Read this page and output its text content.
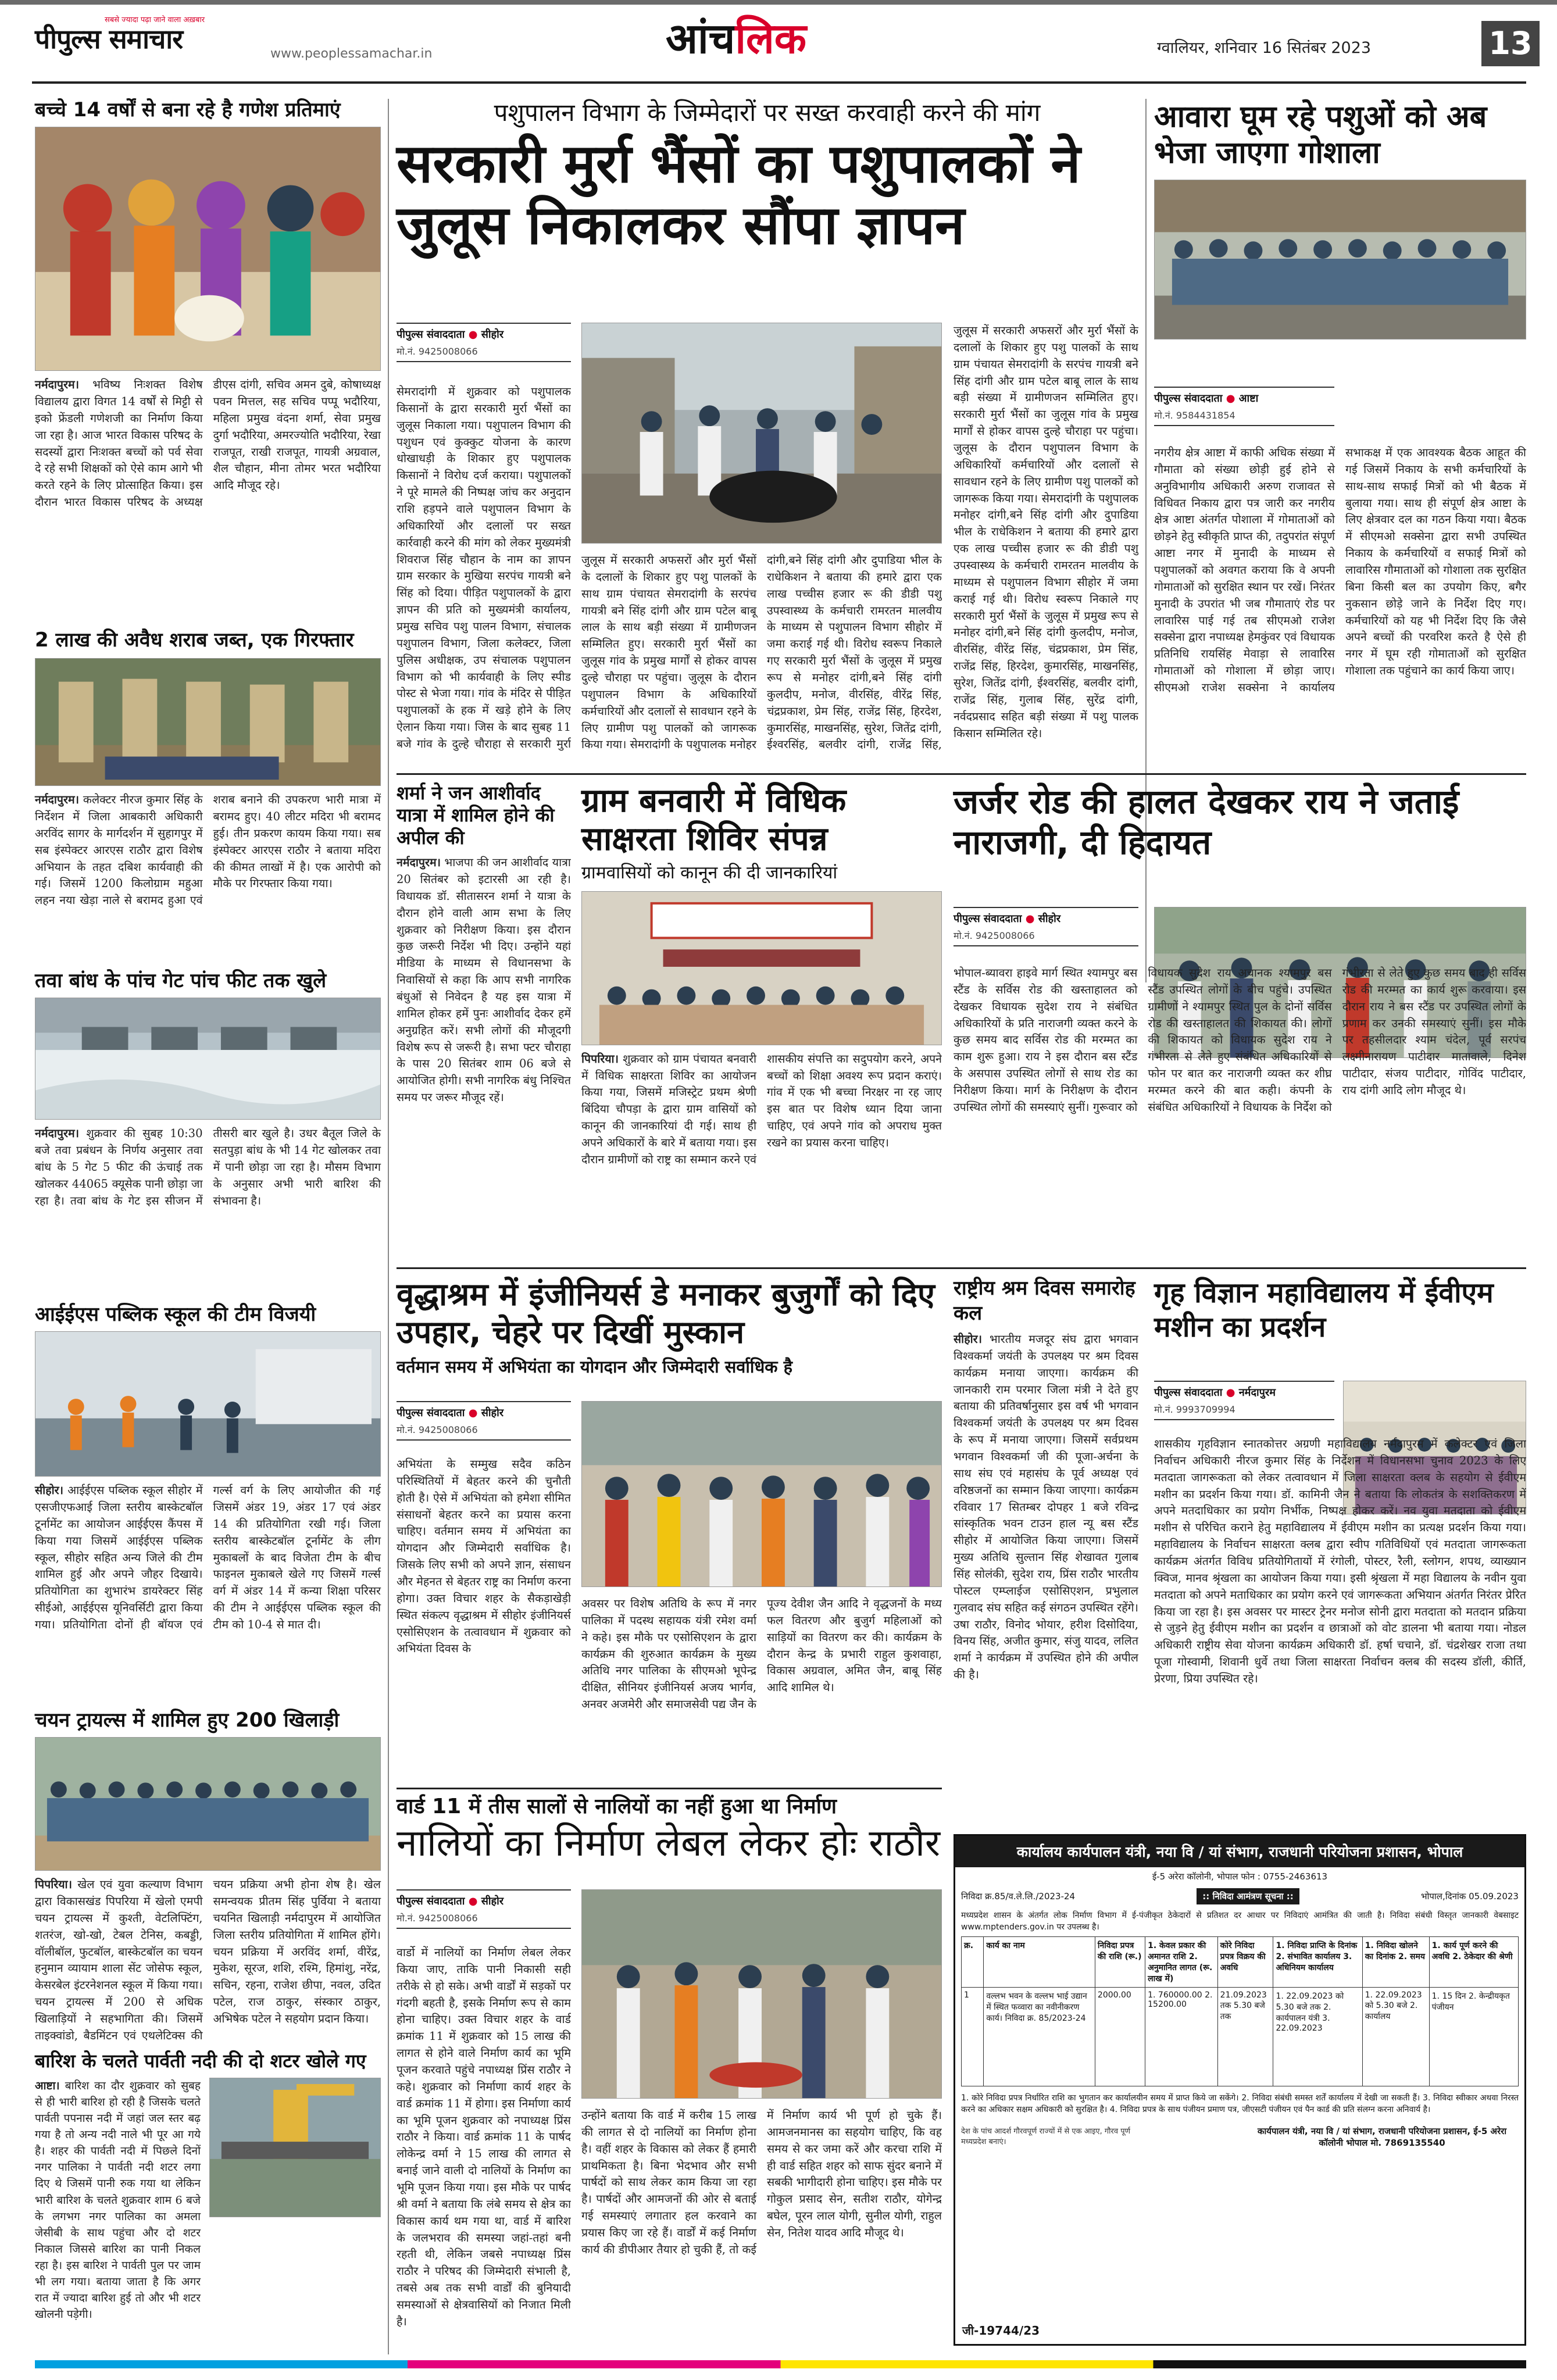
सबसे ज्यादा पढ़ा जाने वाला अख़बार
पीपुल्स समाचार	www.peoplessamachar.in	आंचलिक	ग्वालियर, शनिवार 16 सितंबर 2023	13
बच्चे 14 वर्षों से बना रहे है गणेश प्रतिमाएं
नर्मदापुरम। भविष्य निःशक्त विशेष विद्यालय द्वारा विगत 14 वर्षों से मिट्टी से इको फ्रेंडली गणेशजी का निर्माण किया जा रहा है। आज भारत विकास परिषद के सदस्यों द्वारा निःशक्त बच्चों को पर्व सेवा दे रहे सभी शिक्षकों को ऐसे काम आगे भी करते रहने के लिए प्रोत्साहित किया। इस दौरान भारत विकास परिषद के अध्यक्ष डीएस दांगी, सचिव अमन दुबे, कोषाध्यक्ष पवन मित्तल, सह सचिव पप्पू भदौरिया, महिला प्रमुख वंदना शर्मा, सेवा प्रमुख दुर्गा भदौरिया, अमरज्योति भदौरिया, रेखा राजपूत, राखी राजपूत, गायत्री अग्रवाल, शैल चौहान, मीना तोमर भरत भदौरिया आदि मौजूद रहे।
2 लाख की अवैध शराब जब्त, एक गिरफ्तार
नर्मदापुरम। कलेक्टर नीरज कुमार सिंह के निर्देशन में जिला आबकारी अधिकारी अरविंद सागर के मार्गदर्शन में सुहागपुर में सब इंस्पेक्टर आरएस राठौर द्वारा विशेष अभियान के तहत दबिश कार्यवाही की गई। जिसमें 1200 किलोग्राम महुआ लहन नया खेड़ा नाले से बरामद हुआ एवं शराब बनाने की उपकरण भारी मात्रा में बरामद हुए। 40 लीटर मदिरा भी बरामद हुई। तीन प्रकरण कायम किया गया। सब इंस्पेक्टर आरएस राठौर ने बताया मदिरा की कीमत लाखों में है। एक आरोपी को मौके पर गिरफ्तार किया गया।
तवा बांध के पांच गेट पांच फीट तक खुले
नर्मदापुरम। शुक्रवार की सुबह 10:30 बजे तवा प्रबंधन के निर्णय अनुसार तवा बांध के 5 गेट 5 फीट की ऊंचाई तक खोलकर 44065 क्यूसेक पानी छोड़ा जा रहा है। तवा बांध के गेट इस सीजन में तीसरी बार खुले है। उधर बैतूल जिले के सतपुड़ा बांध के भी 14 गेट खोलकर तवा में पानी छोड़ा जा रहा है। मौसम विभाग के अनुसार अभी भारी बारिश की संभावना है।
आईईएस पब्लिक स्कूल की टीम विजयी
सीहोर। आईईएस पब्लिक स्कूल सीहोर में एसजीएफआई जिला स्तरीय बास्केटबॉल टूर्नामेंट का आयोजन आईईएस कैंपस में किया गया जिसमें आईईएस पब्लिक स्कूल, सीहोर सहित अन्य जिले की टीम शामिल हुई और अपने जौहर दिखाये। प्रतियोगिता का शुभारंभ डायरेक्टर सिंह सीईओ, आईईएस यूनिवर्सिटी द्वारा किया गया। प्रतियोगिता दोनों ही बॉयज एवं गर्ल्स वर्ग के लिए आयोजीत की गई जिसमें अंडर 19, अंडर 17 एवं अंडर 14 की प्रतियोगिता रखी गई। जिला स्तरीय बास्केटबॉल टूर्नामेंट के लीग मुकाबलों के बाद विजेता टीम के बीच फाइनल मुकाबले खेले गए जिसमें गर्ल्स वर्ग में अंडर 14 में कन्या शिक्षा परिसर की टीम ने आईईएस पब्लिक स्कूल की टीम को 10-4 से मात दी।
चयन ट्रायल्स में शामिल हुए 200 खिलाड़ी
पिपरिया। खेल एवं युवा कल्याण विभाग द्वारा विकासखंड पिपरिया में खेलो एमपी चयन ट्रायल्स में कुश्ती, वेटलिफ्टिंग, शतरंज, खो-खो, टेबल टेनिस, कबड्डी, वॉलीबॉल, फुटबॉल, बास्केटबॉल का चयन हनुमान व्यायाम शाला सेंट जोसेफ स्कूल, केसरबेल इंटरनेशनल स्कूल में किया गया। चयन ट्रायल्स में 200 से अधिक खिलाड़ियों ने सहभागिता की। जिसमें ताइक्वांडो, बैडमिंटन एवं एथलेटिक्स की चयन प्रक्रिया अभी होना शेष है। खेल समन्वयक प्रीतम सिंह पुर्विया ने बताया चयनित खिलाड़ी नर्मदापुरम में आयोजित जिला स्तरीय प्रतियोगिता में शामिल होंगे। चयन प्रक्रिया में अरविंद शर्मा, वीरेंद्र, मुकेश, सूरज, शशि, रश्मि, हिमांशु, नरेंद्र, सचिन, रहना, राजेश छीपा, नवल, उदित पटेल, राज ठाकुर, संस्कार ठाकुर, अभिषेक पटेल ने सहयोग प्रदान किया।
बारिश के चलते पार्वती नदी की दो शटर खोले गए
आष्टा। बारिश का दौर शुक्रवार को सुबह से ही भारी बारिश हो रही है जिसके चलते पार्वती पपनास नदी में जहां जल स्तर बढ़ गया है तो अन्य नदी नाले भी पूर आ गये है। शहर की पार्वती नदी में पिछले दिनों नगर पालिका ने पार्वती नदी शटर लगा दिए थे जिसमें पानी रुक गया था लेकिन भारी बारिश के चलते शुक्रवार शाम 6 बजे के लगभग नगर पालिका का अमला जेसीबी के साथ पहुंचा और दो शटर निकाल जिससे बारिश का पानी निकल रहा है। इस बारिश ने पार्वती पुल पर जाम भी लग गया। बताया जाता है कि अगर रात में ज्यादा बारिश हुई तो और भी शटर खोलनी पड़ेगी।
पशुपालन विभाग के जिम्मेदारों पर सख्त करवाही करने की मांग
सरकारी मुर्रा भैंसों का पशुपालकों ने जुलूस निकालकर सौंपा ज्ञापन
पीपुल्स संवाददाता ● सीहोर
मो.नं. 9425008066
सेमरादांगी में शुक्रवार को पशुपालक किसानों के द्वारा सरकारी मुर्रा भैंसों का जुलूस निकाला गया। पशुपालन विभाग की पशुधन एवं कुक्कुट योजना के कारण धोखाधड़ी के शिकार हुए पशुपालक किसानों ने विरोध दर्ज कराया। पशुपालकों ने पूरे मामले की निष्पक्ष जांच कर अनुदान राशि हड़पने वाले पशुपालन विभाग के अधिकारियों और दलालों पर सख्त कार्रवाही करने की मांग को लेकर मुख्यमंत्री शिवराज सिंह चौहान के नाम का ज्ञापन ग्राम सरकार के मुखिया सरपंच गायत्री बने सिंह को दिया। पीड़ित पशुपालकों के द्वारा ज्ञापन की प्रति को मुख्यमंत्री कार्यालय, प्रमुख सचिव पशु पालन विभाग, संचालक पशुपालन विभाग, जिला कलेक्टर, जिला पुलिस अधीक्षक, उप संचालक पशुपालन विभाग को भी कार्यवाही के लिए स्पीड पोस्ट से भेजा गया। गांव के मंदिर से पीड़ित पशुपालकों के हक में खड़े होने के लिए ऐलान किया गया। जिस के बाद सुबह 11 बजे गांव के दुल्हे चौराहा से सरकारी मुर्रा
जुलूस में सरकारी अफसरों और मुर्रा भैंसों के दलालों के शिकार हुए पशु पालकों के साथ ग्राम पंचायत सेमरादांगी के सरपंच गायत्री बने सिंह दांगी और ग्राम पटेल बाबू लाल के साथ बड़ी संख्या में ग्रामीणजन सम्मिलित हुए। सरकारी मुर्रा भैंसों का जुलूस गांव के प्रमुख मार्गों से होकर वापस दुल्हे चौराहा पर पहुंचा। जुलूस के दौरान पशुपालन विभाग के अधिकारियों कर्मचारियों और दलालों से सावधान रहने के लिए ग्रामीण पशु पालकों को जागरूक किया गया। सेमरादांगी के पशुपालक मनोहर दांगी,बने सिंह दांगी और दुपाडिया भील के राधेकिशन ने बताया की हमारे द्वारा एक लाख पच्चीस हजार रू की डीडी पशु उपस्वास्थ्य के कर्मचारी रामरतन मालवीय के माध्यम से पशुपालन विभाग सीहोर में जमा कराई गई थी। विरोध स्वरूप निकाले गए सरकारी मुर्रा भैंसों के जुलूस में प्रमुख रूप से मनोहर दांगी,बने सिंह दांगी कुलदीप, मनोज, वीरसिंह, वीरेंद्र सिंह, चंद्रप्रकाश, प्रेम सिंह, राजेंद्र सिंह, हिरदेश, कुमारसिंह, माखनसिंह, सुरेश, जितेंद्र दांगी, ईश्वरसिंह, बलवीर दांगी, राजेंद्र सिंह,
जुलूस में सरकारी अफसरों और मुर्रा भैंसों के दलालों के शिकार हुए पशु पालकों के साथ ग्राम पंचायत सेमरादांगी के सरपंच गायत्री बने सिंह दांगी और ग्राम पटेल बाबू लाल के साथ बड़ी संख्या में ग्रामीणजन सम्मिलित हुए। सरकारी मुर्रा भैंसों का जुलूस गांव के प्रमुख मार्गों से होकर वापस दुल्हे चौराहा पर पहुंचा। जुलूस के दौरान पशुपालन विभाग के अधिकारियों कर्मचारियों और दलालों से सावधान रहने के लिए ग्रामीण पशु पालकों को जागरूक किया गया। सेमरादांगी के पशुपालक मनोहर दांगी,बने सिंह दांगी और दुपाडिया भील के राधेकिशन ने बताया की हमारे द्वारा एक लाख पच्चीस हजार रू की डीडी पशु उपस्वास्थ्य के कर्मचारी रामरतन मालवीय के माध्यम से पशुपालन विभाग सीहोर में जमा कराई गई थी। विरोध स्वरूप निकाले गए सरकारी मुर्रा भैंसों के जुलूस में प्रमुख रूप से मनोहर दांगी,बने सिंह दांगी कुलदीप, मनोज, वीरसिंह, वीरेंद्र सिंह, चंद्रप्रकाश, प्रेम सिंह, राजेंद्र सिंह, हिरदेश, कुमारसिंह, माखनसिंह, सुरेश, जितेंद्र दांगी, ईश्वरसिंह, बलवीर दांगी, राजेंद्र सिंह, गुलाब सिंह, सुरेंद्र दांगी, नर्वदप्रसाद सहित बड़ी संख्या में पशु पालक किसान सम्मिलित रहे।
आवारा घूम रहे पशुओं को अब भेजा जाएगा गोशाला
पीपुल्स संवाददाता ● आष्टा
मो.नं. 9584431854
नगरीय क्षेत्र आष्टा में काफी अधिक संख्या में गौमाता को संख्या छोड़ी हुई होने से अनुविभागीय अधिकारी अरुण राजावत से विधिवत निकाय द्वारा पत्र जारी कर नगरीय क्षेत्र आष्टा अंतर्गत पोशाला में गोमाताओं को छोड़ने हेतु स्वीकृति प्राप्त की, तदुपरांत संपूर्ण आष्टा नगर में मुनादी के माध्यम से पशुपालकों को अवगत कराया कि वे अपनी गोमाताओं को सुरक्षित स्थान पर रखें। निरंतर मुनादी के उपरांत भी जब गौमाताएं रोड पर लावारिस पाई गई तब सीएमओ राजेश सक्सेना द्वारा नपाध्यक्ष हेमकुंवर एवं विधायक प्रतिनिधि रायसिंह मेवाड़ा से लावारिस गोमाताओं को गोशाला में छोड़ा जाए। सीएमओ राजेश सक्सेना ने कार्यालय सभाकक्ष में एक आवश्यक बैठक आहूत की गई जिसमें निकाय के सभी कर्मचारियों के साथ-साथ सफाई मित्रों को भी बैठक में बुलाया गया। साथ ही संपूर्ण क्षेत्र आष्टा के लिए क्षेत्रवार दल का गठन किया गया। बैठक में सीएमओ सक्सेना द्वारा सभी उपस्थित निकाय के कर्मचारियों व सफाई मित्रों को लावारिस गौमाताओं को गोशाला तक सुरक्षित बिना किसी बल का उपयोग किए, बगैर नुकसान छोड़े जाने के निर्देश दिए गए। कर्मचारियों को यह भी निर्देश दिए कि जैसे अपने बच्चों की परवरिश करते है ऐसे ही नगर में घूम रही गोमाताओं को सुरक्षित गोशाला तक पहुंचाने का कार्य किया जाए।
शर्मा ने जन आशीर्वाद यात्रा में शामिल होने की अपील की
नर्मदापुरम। भाजपा की जन आशीर्वाद यात्रा 20 सितंबर को इटारसी आ रही है। विधायक डॉ. सीतासरन शर्मा ने यात्रा के दौरान होने वाली आम सभा के लिए शुक्रवार को निरीक्षण किया। इस दौरान कुछ जरूरी निर्देश भी दिए। उन्होंने यहां मीडिया के माध्यम से विधानसभा के निवासियों से कहा कि आप सभी नागरिक बंधुओं से निवेदन है यह इस यात्रा में शामिल होकर हमें पुनः आशीर्वाद देकर हमें अनुग्रहित करें। सभी लोगों की मौजूदगी विशेष रूप से जरूरी है। सभा फ्टर चौराहा के पास 20 सितंबर शाम 06 बजे से आयोजित होगी। सभी नागरिक बंधु निश्चित समय पर जरूर मौजूद रहें।
ग्राम बनवारी में विधिक साक्षरता शिविर संपन्न
ग्रामवासियों को कानून की दी जानकारियां
पिपरिया। शुक्रवार को ग्राम पंचायत बनवारी में विधिक साक्षरता शिविर का आयोजन किया गया, जिसमें मजिस्ट्रेट प्रथम श्रेणी बिंदिया चौपड़ा के द्वारा ग्राम वासियों को कानून की जानकारियां दी गई। साथ ही अपने अधिकारों के बारे में बताया गया। इस दौरान ग्रामीणों को राष्ट्र का सम्मान करने एवं शासकीय संपत्ति का सदुपयोग करने, अपने बच्चों को शिक्षा अवश्य रूप प्रदान कराएं। गांव में एक भी बच्चा निरक्षर ना रह जाए इस बात पर विशेष ध्यान दिया जाना चाहिए, एवं अपने गांव को अपराध मुक्त रखने का प्रयास करना चाहिए।
जर्जर रोड की हालत देखकर राय ने जताई नाराजगी, दी हिदायत
पीपुल्स संवाददाता ● सीहोर
मो.नं. 9425008066
भोपाल-ब्यावरा हाइवे मार्ग स्थित श्यामपुर बस स्टैंड के सर्विस रोड की खस्ताहालत को देखकर विधायक सुदेश राय ने संबंधित अधिकारियों के प्रति नाराजगी व्यक्त करने के कुछ समय बाद सर्विस रोड की मरम्मत का काम शुरू हुआ। राय ने इस दौरान बस स्टैंड के असपास उपस्थित लोगों से साथ रोड का निरीक्षण किया। मार्ग के निरीक्षण के दौरान उपस्थित लोगों की समस्याएं सुनीं। गुरूवार को विधायक सुदेश राय अचानक श्यामपुर बस स्टैंड उपस्थित लोगों के बीच पहुंचे। उपस्थित ग्रामीणों ने श्यामपुर स्थित पुल के दोनों सर्विस रोड की खस्ताहालत की शिकायत की। लोगों की शिकायत को विधायक सुदेश राय ने गंभीरता से लेते हुए संबंधित अधिकारियों से फोन पर बात कर नाराजगी व्यक्त कर शीघ्र मरम्मत करने की बात कही। कंपनी के संबंधित अधिकारियों ने विधायक के निर्देश को गंभीरता से लेते हुए कुछ समय बाद ही सर्विस रोड की मरम्मत का कार्य शुरू करवाया। इस दौरान राय ने बस स्टैंड पर उपस्थित लोगों के प्रणाम कर उनकी समस्याएं सुनीं। इस मौके पर तहसीलदार श्याम चंदेल, पूर्व सरपंच लक्ष्मीनारायण पाटीदार मातावाले, दिनेश पाटीदार, संजय पाटीदार, गोविंद पाटीदार, राय दांगी आदि लोग मौजूद थे।
वृद्धाश्रम में इंजीनियर्स डे मनाकर बुजुर्गों को दिए उपहार, चेहरे पर दिखीं मुस्कान
वर्तमान समय में अभियंता का योगदान और जिम्मेदारी सर्वाधिक है
पीपुल्स संवाददाता ● सीहोर
मो.नं. 9425008066
अभियंता के सम्मुख सदैव कठिन परिस्थितियों में बेहतर करने की चुनौती होती है। ऐसे में अभियंता को हमेशा सीमित संसाधनों बेहतर करने का प्रयास करना चाहिए। वर्तमान समय में अभियंता का योगदान और जिम्मेदारी सर्वाधिक है। जिसके लिए सभी को अपने ज्ञान, संसाधन और मेहनत से बेहतर राष्ट्र का निर्माण करना होगा। उक्त विचार शहर के सैकड़ाखेड़ी स्थित संकल्प वृद्धाश्रम में सीहोर इंजीनियर्स एसोसिएशन के तत्वावधान में शुक्रवार को अभियंता दिवस के
अवसर पर विशेष अतिथि के रूप में नगर पालिका में पदस्थ सहायक यंत्री रमेश वर्मा ने कहे। इस मौके पर एसोसिएशन के द्वारा कार्यक्रम की शुरुआत कार्यक्रम के मुख्य अतिथि नगर पालिका के सीएमओ भूपेन्द्र दीक्षित, सीनियर इंजीनियर्स अजय भार्गव, अनवर अजमेरी और समाजसेवी पद्य जैन के पूज्य देवीश जैन आदि ने वृद्धजनों के मध्य फल वितरण और बुजुर्ग महिलाओं को साड़ियों का वितरण कर की। कार्यक्रम के दौरान केन्द्र के प्रभारी राहुल कुशवाहा, विकास अग्रवाल, अमित जैन, बाबू सिंह आदि शामिल थे।
राष्ट्रीय श्रम दिवस समारोह कल
सीहोर। भारतीय मजदूर संघ द्वारा भगवान विश्वकर्मा जयंती के उपलक्ष्य पर श्रम दिवस कार्यक्रम मनाया जाएगा। कार्यक्रम की जानकारी राम परमार जिला मंत्री ने देते हुए बताया की प्रतिवर्षानुसार इस वर्ष भी भगवान विश्वकर्मा जयंती के उपलक्ष्य पर श्रम दिवस के रूप में मनाया जाएगा। जिसमें सर्वप्रथम भगवान विश्वकर्मा जी की पूजा-अर्चना के साथ संघ एवं महासंघ के पूर्व अध्यक्ष एवं वरिष्ठजनों का सम्मान किया जाएगा। कार्यक्रम रविवार 17 सितम्बर दोपहर 1 बजे रविन्द्र सांस्कृतिक भवन टाउन हाल न्यू बस स्टैंड सीहोर में आयोजित किया जाएगा। जिसमें मुख्य अतिथि सुल्तान सिंह शेखावत गुलाब सिंह सोलंकी, सुदेश राय, प्रिंस राठौर भारतीय पोस्टल एम्प्लाईज एसोसिएशन, प्रभुलाल गुलवाद संघ सहित कई संगठन उपस्थित रहेंगे। उषा राठौर, विनोद भोयार, हरीश दिसोदिया, विनय सिंह, अजीत कुमार, संजु यादव, ललित शर्मा ने कार्यक्रम में उपस्थित होने की अपील की है।
गृह विज्ञान महाविद्यालय में ईवीएम मशीन का प्रदर्शन
पीपुल्स संवाददाता ● नर्मदापुरम
मो.नं. 9993709994
शासकीय गृहविज्ञान स्नातकोत्तर अग्रणी महाविद्यालय नर्मदापुरम में कलेक्टर एवं जिला निर्वाचन अधिकारी नीरज कुमार सिंह के निर्देशन में विधानसभा चुनाव 2023 के लिए मतदाता जागरूकता को लेकर तत्वावधान में जिला साक्षरता क्लब के सहयोग से ईवीएम मशीन का प्रदर्शन किया गया। डॉ. कामिनी जैन ने बताया कि लोकतंत्र के सशक्तिकरण में अपने मतदाधिकार का प्रयोग निर्भीक, निष्पक्ष होकर करें। नव युवा मतदाता को ईवीएम मशीन से परिचित कराने हेतु महाविद्यालय में ईवीएम मशीन का प्रत्यक्ष प्रदर्शन किया गया। महाविद्यालय के निर्वाचन साक्षरता क्लब द्वारा स्वीप गतिविधियों एवं मतदाता जागरूकता कार्यक्रम अंतर्गत विविध प्रतियोगितायों में रंगोली, पोस्टर, रैली, स्लोगन, शपथ, व्याख्यान क्विज, मानव श्रृंखला का आयोजन किया गया। इसी श्रृंखला में महा विद्यालय के नवीन युवा मतदाता को अपने मताधिकार का प्रयोग करने एवं जागरूकता अभियान अंतर्गत निरंतर प्रेरित किया जा रहा है। इस अवसर पर मास्टर ट्रेनर मनोज सोनी द्वारा मतदाता को मतदान प्रक्रिया से जुड़ने हेतु ईवीएम मशीन का प्रदर्शन व छात्राओं को वोट डालना भी बताया गया। नोडल अधिकारी राष्ट्रीय सेवा योजना कार्यक्रम अधिकारी डॉ. हर्षा चचाने, डॉ. चंद्रशेखर राजा तथा पूजा गोस्वामी, शिवानी धुर्वे तथा जिला साक्षरता निर्वाचन क्लब की सदस्य डॉली, कीर्ति, प्रेरणा, प्रिया उपस्थित रहे।
वार्ड 11 में तीस सालों से नालियों का नहीं हुआ था निर्माण
नालियों का निर्माण लेबल लेकर होः राठौर
पीपुल्स संवाददाता ● सीहोर
मो.नं. 9425008066
वार्डो में नालियों का निर्माण लेबल लेकर किया जाए, ताकि पानी निकासी सही तरीके से हो सके। अभी वार्डों में सड़कों पर गंदगी बहती है, इसके निर्माण रूप से काम होना चाहिए। उक्त विचार शहर के वार्ड क्रमांक 11 में शुक्रवार को 15 लाख की लागत से होने वाले निर्माण कार्य का भूमि पूजन करवाते पहुंचे नपाध्यक्ष प्रिंस राठौर ने कहे। शुक्रवार को निर्माणा कार्य शहर के वार्ड क्रमांक 11 में होगा। इस निर्माणा कार्य का भूमि पूजन शुक्रवार को नपाध्यक्ष प्रिंस राठौर ने किया। वार्ड क्रमांक 11 के पार्षद लोकेन्द्र वर्मा ने 15 लाख की लागत से बनाई जाने वाली दो नालियों के निर्माण का भूमि पूजन किया गया। इस मौके पर पार्षद श्री वर्मा ने बताया कि लंबे समय से क्षेत्र का विकास कार्य थम गया था, वार्ड में बारिश के जलभराव की समस्या जहां-तहां बनी रहती थी, लेकिन जबसे नपाध्यक्ष प्रिंस राठौर ने परिषद की जिम्मेदारी संभाली है, तबसे अब तक सभी वार्डों की बुनियादी समस्याओं से क्षेत्रवासियों को निजात मिली है।
उन्होंने बताया कि वार्ड में करीब 15 लाख की लागत से दो नालियों का निर्माण होना है। वहीं शहर के विकास को लेकर हैं हमारी प्राथमिकता है। बिना भेदभाव और सभी पार्षदों को साथ लेकर काम किया जा रहा है। पार्षदों और आमजनों की ओर से बताई गई समस्याएं लगातार हल करवाने का प्रयास किए जा रहे हैं। वार्डों में कई निर्माण कार्य की डीपीआर तैयार हो चुकी हैं, तो कई में निर्माण कार्य भी पूर्ण हो चुके हैं। आमजनमानस का सहयोग चाहिए, कि वह समय से कर जमा करें और करचा राशि में ही वार्ड सहित शहर को साफ सुंदर बनाने में सबकी भागीदारी होना चाहिए। इस मौके पर गोकुल प्रसाद सेन, सतीश राठौर, योगेन्द्र बघेल, पूरन लाल योगी, सुनील योगी, राहुल सेन, नितेश यादव आदि मौजूद थे।
कार्यालय कार्यपालन यंत्री, नया वि / यां संभाग, राजधानी परियोजना प्रशासन, भोपाल
ई-5 अरेरा कॉलोनी, भोपाल फोन : 0755-2463613
निविदा क्र.85/व.ले.लि./2023-24	:: निविदा आमंत्रण सूचना ::	भोपाल,दिनांक 05.09.2023
मध्यप्रदेश शासन के अंतर्गत लोक निर्माण विभाग में ई-पंजीकृत ठेकेदारों से प्रतिशत दर आधार पर निविदाएं आमंत्रित की जाती है। निविदा संबंधी विस्तृत जानकारी वेबसाइट www.mptenders.gov.in पर उपलब्ध है।
क्र.	कार्य का नाम	निविदा प्रपत्र की राशि (रू.)	1. केवल प्रकार की अमानत राशि 2. अनुमानित लागत (रू. लाख में)	कोरे निविदा प्रपत्र विक्रय की अवधि	1. निविदा प्राप्ति के दिनांक 2. संभावित कार्यालय 3. अधिनियम कार्यालय	1. निविदा खोलने का दिनांक 2. समय	1. कार्य पूर्ण करने की अवधि 2. ठेकेदार की श्रेणी
1	वल्लभ भवन के वल्लभ भाई उद्यान में स्थित फव्वारा का नवीनीकरण कार्य। निविदा क्र. 85/2023-24	2000.00	1. 760000.00 2. 15200.00	21.09.2023 तक 5.30 बजे तक	1. 22.09.2023 को 5.30 बजे तक 2. कार्यपालन यंत्री 3. 22.09.2023	1. 22.09.2023 को 5.30 बजे 2. कार्यालय	1. 15 दिन 2. केन्द्रीयकृत पंजीयन
1. कोरे निविदा प्रपत्र निर्धारित राशि का भुगतान कर कार्यालयीन समय में प्राप्त किये जा सकेंगे। 2. निविदा संबंधी समस्त शर्तें कार्यालय में देखी जा सकती हैं। 3. निविदा स्वीकार अथवा निरस्त करने का अधिकार सक्षम अधिकारी को सुरक्षित है। 4. निविदा प्रपत्र के साथ पंजीयन प्रमाण पत्र, जीएसटी पंजीयन एवं पैन कार्ड की प्रति संलग्न करना अनिवार्य है।
देश के पांच आदर्श गौरवपूर्ण राज्यों में से एक आइए, गौरव पूर्ण मध्यप्रदेश बनाएं।
कार्यपालन यंत्री, नया वि / यां संभाग, राजधानी परियोजना प्रशासन, ई-5 अरेरा कॉलोनी भोपाल मो. 7869135540
जी-19744/23
